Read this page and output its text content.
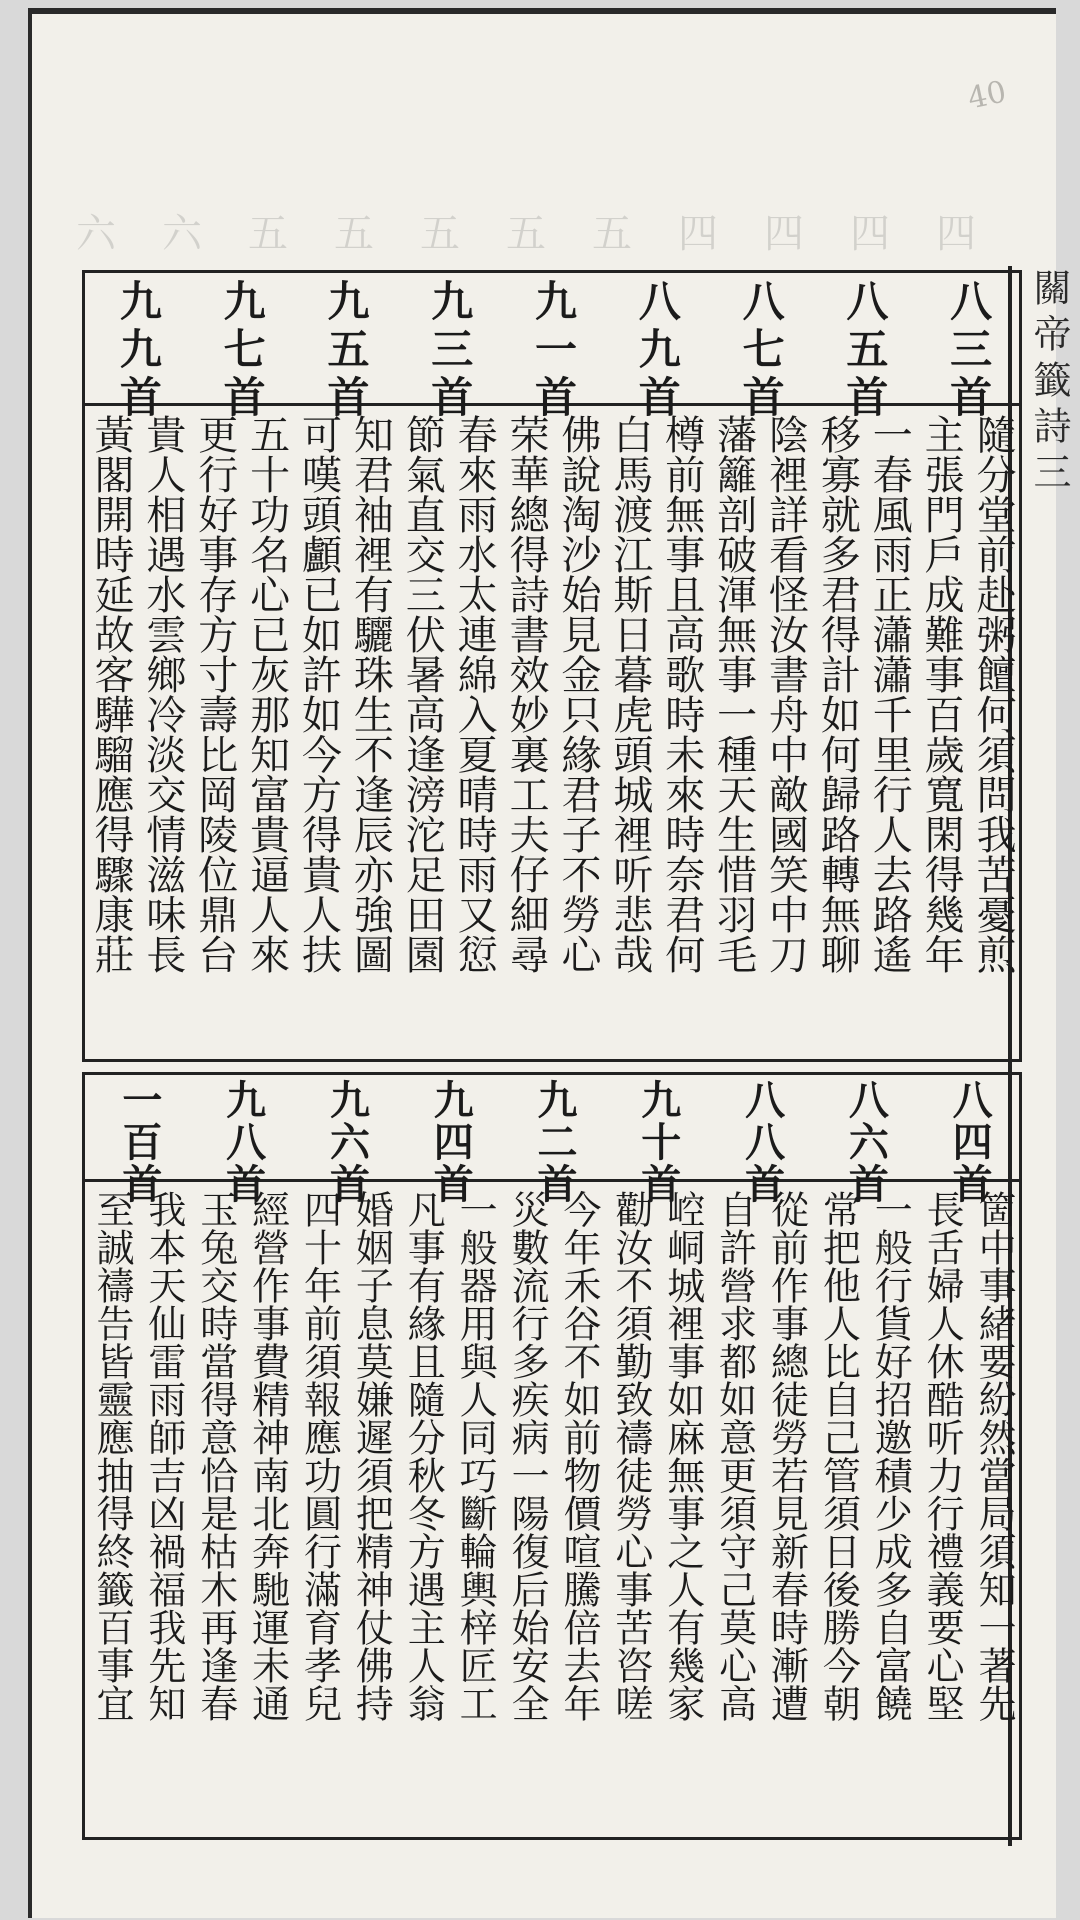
40
六 六 五 五 五 五 五 四 四 四 四
關帝籤詩三
八三首
八五首
八七首
八九首
九一首
九三首
九五首
九七首
九九首
隨分堂前赴粥饘何須問我苦憂煎
主張門戶成難事百歲寬閑得幾年
一春風雨正瀟瀟千里行人去路遙
移寡就多君得計如何歸路轉無聊
陰裡詳看怪汝書舟中敵國笑中刀
藩籬剖破渾無事一種天生惜羽毛
樽前無事且高歌時未來時奈君何
白馬渡江斯日暮虎頭城裡听悲哉
佛說淘沙始見金只緣君子不勞心
荣華總得詩書效妙裏工夫仔細尋
春來雨水太連綿入夏晴時雨又愆
節氣直交三伏暑高逢滂沱足田園
知君袖裡有驪珠生不逢辰亦強圖
可嘆頭顱已如許如今方得貴人扶
五十功名心已灰那知富貴逼人來
更行好事存方寸壽比岡陵位鼎台
貴人相遇水雲鄉冷淡交情滋味長
黃閣開時延故客驊騮應得驟康莊
八四首
八六首
八八首
九十首
九二首
九四首
九六首
九八首
一百首
箇中事緒要紛然當局須知一著先
長舌婦人休酷听力行禮義要心堅
一般行貨好招邀積少成多自富饒
常把他人比自己管須日後勝今朝
從前作事總徒勞若見新春時漸遭
自許營求都如意更須守己莫心高
崆峒城裡事如麻無事之人有幾家
勸汝不須勤致禱徒勞心事苦咨嗟
今年禾谷不如前物價喧騰倍去年
災數流行多疾病一陽復后始安全
一般器用與人同巧斷輪輿梓匠工
凡事有緣且隨分秋冬方遇主人翁
婚姻子息莫嫌遲須把精神仗佛持
四十年前須報應功圓行滿育孝兒
經營作事費精神南北奔馳運未通
玉兔交時當得意恰是枯木再逢春
我本天仙雷雨師吉凶禍福我先知
至誠禱告皆靈應抽得終籤百事宜
